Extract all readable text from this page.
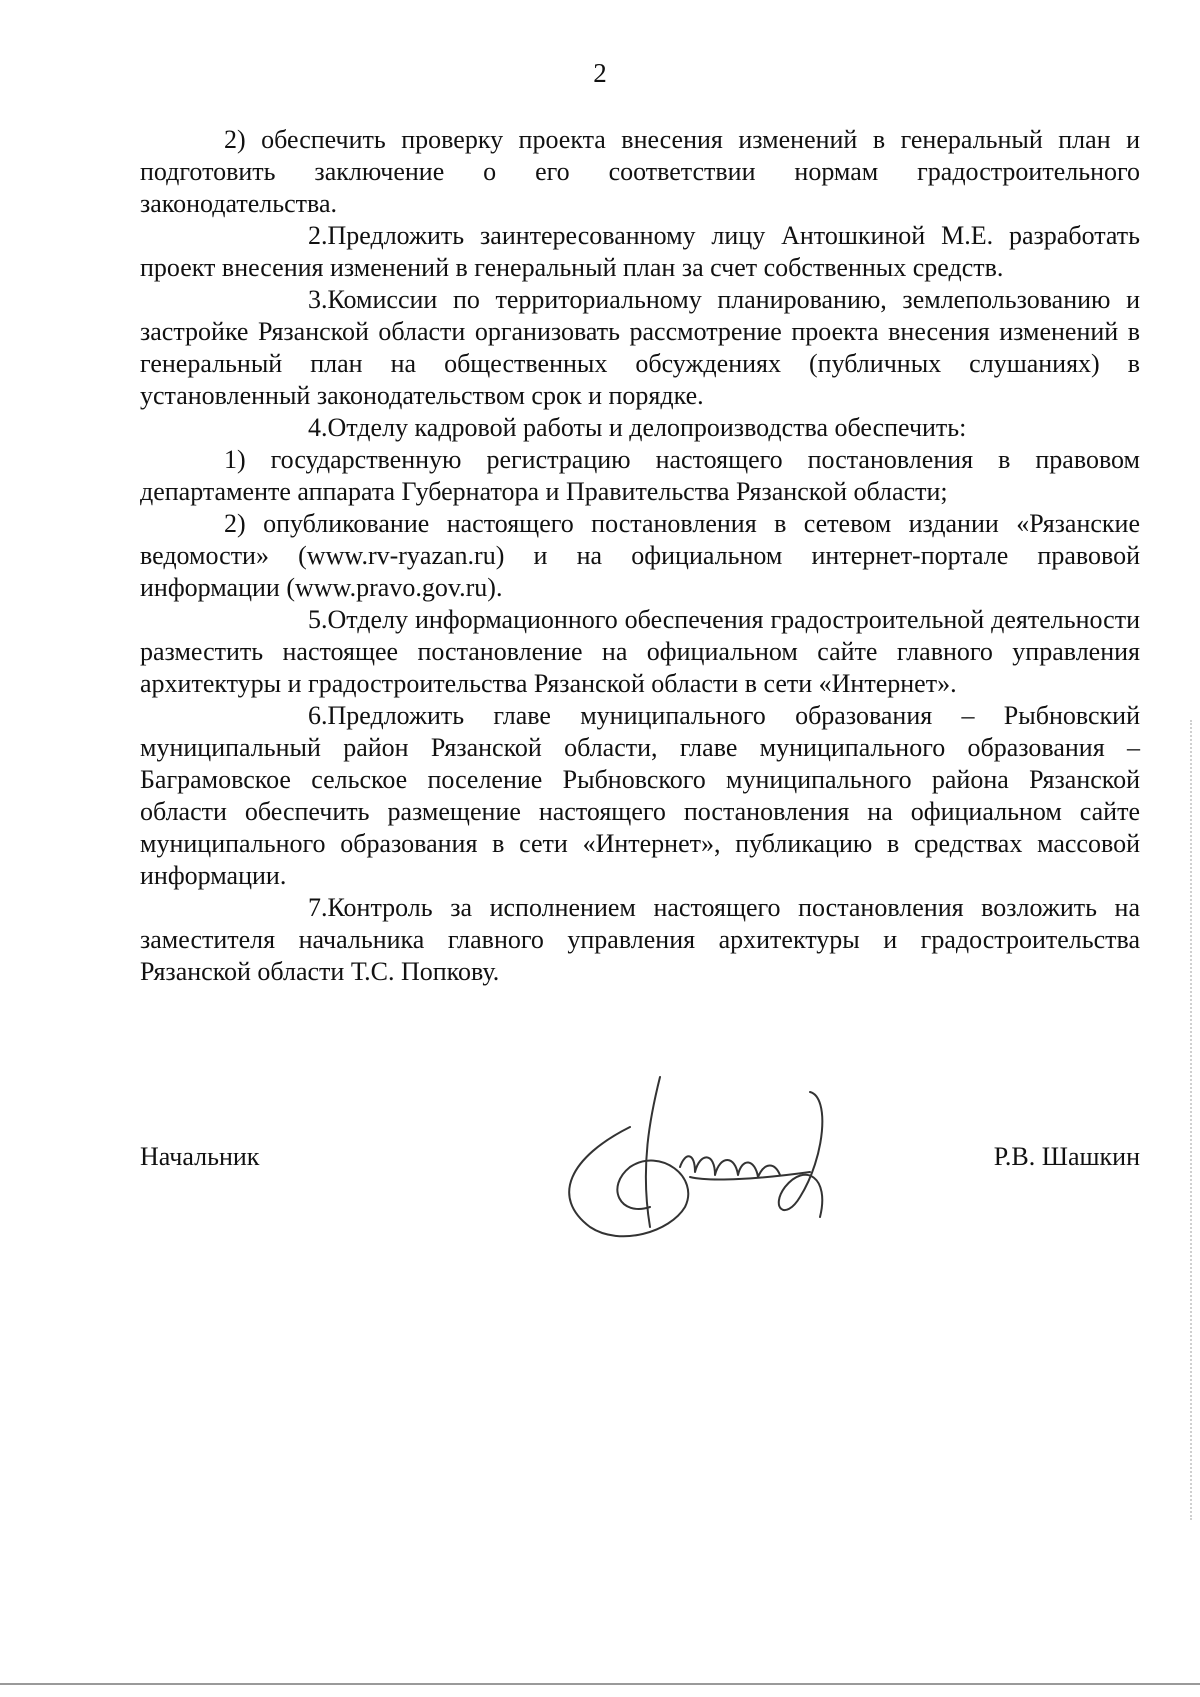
2

2) обеспечить проверку проекта внесения изменений в генеральный план и подготовить заключение о его соответствии нормам градостроительного законодательства.

2.Предложить заинтересованному лицу Антошкиной М.Е. разработать проект внесения изменений в генеральный план за счет собственных средств.

3.Комиссии по территориальному планированию, землепользованию и застройке Рязанской области организовать рассмотрение проекта внесения изменений в генеральный план на общественных обсуждениях (публичных слушаниях) в установленный законодательством срок и порядке.

4.Отделу кадровой работы и делопроизводства обеспечить:

1) государственную регистрацию настоящего постановления в правовом департаменте аппарата Губернатора и Правительства Рязанской области;

2) опубликование настоящего постановления в сетевом издании «Рязанские ведомости» (www.rv-ryazan.ru) и на официальном интернет-портале правовой информации (www.pravo.gov.ru).

5.Отделу информационного обеспечения градостроительной деятельности разместить настоящее постановление на официальном сайте главного управления архитектуры и градостроительства Рязанской области в сети «Интернет».

6.Предложить главе муниципального образования – Рыбновский муниципальный район Рязанской области, главе муниципального образования – Баграмовское сельское поселение Рыбновского муниципального района Рязанской области обеспечить размещение настоящего постановления на официальном сайте муниципального образования в сети «Интернет», публикацию в средствах массовой информации.

7.Контроль за исполнением настоящего постановления возложить на заместителя начальника главного управления архитектуры и градостроительства Рязанской области Т.С. Попкову.

Начальник	Р.В. Шашкин
